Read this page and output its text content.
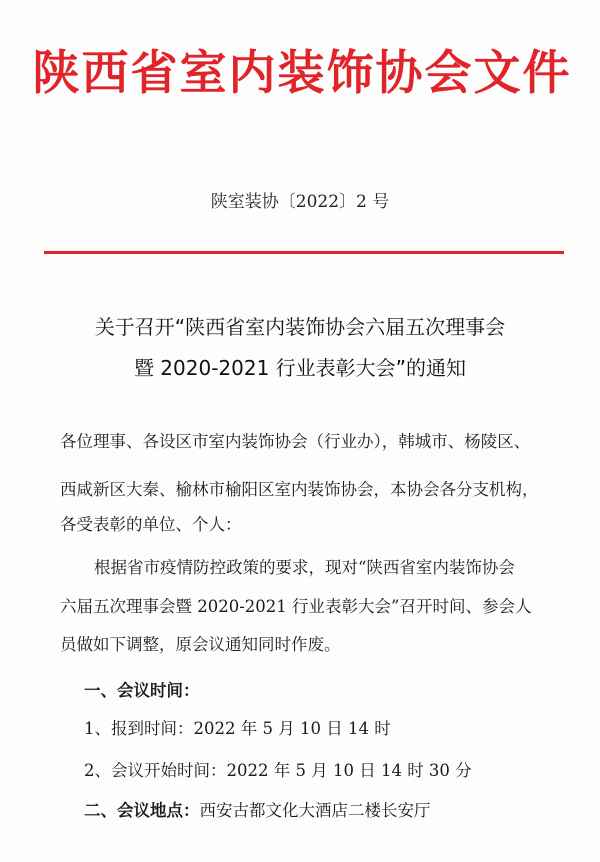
陕西省室内装饰协会文件
陕室装协〔2022〕2 号
关于召开“陕西省室内装饰协会六届五次理事会
暨 2020-2021 行业表彰大会”的通知
各位理事、各设区市室内装饰协会（行业办），韩城市、杨陵区、
西咸新区大秦、榆林市榆阳区室内装饰协会，本协会各分支机构，
各受表彰的单位、个人：
根据省市疫情防控政策的要求，现对“陕西省室内装饰协会
六届五次理事会暨 2020-2021 行业表彰大会”召开时间、参会人
员做如下调整，原会议通知同时作废。
一、会议时间：
1、报到时间：2022 年 5 月 10 日 14 时
2、会议开始时间：2022 年 5 月 10 日 14 时 30 分
二、会议地点：西安古都文化大酒店二楼长安厅
